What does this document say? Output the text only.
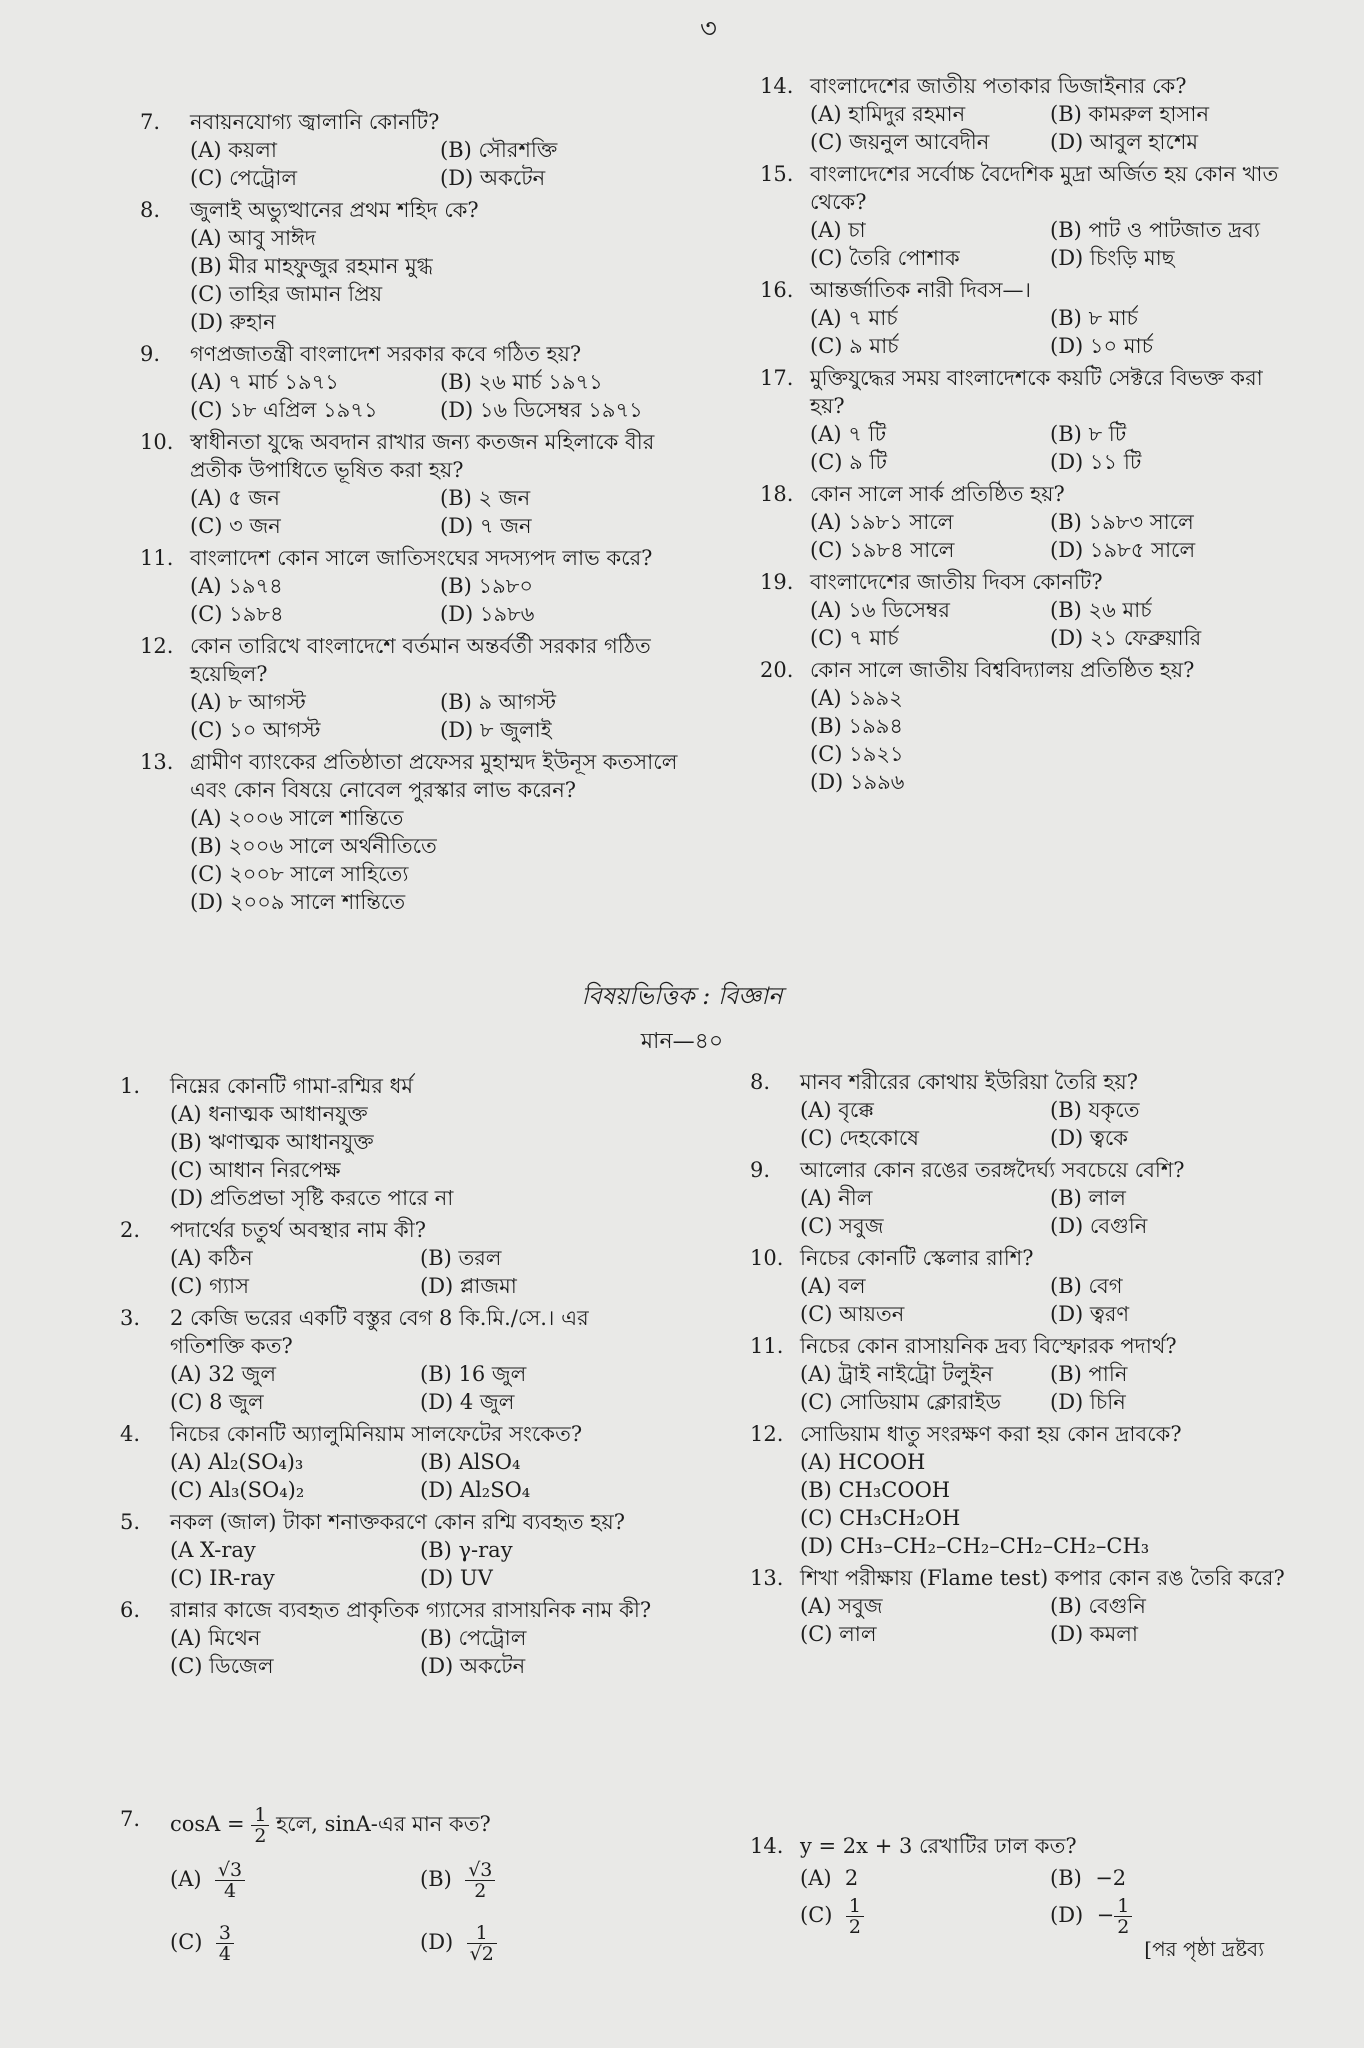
৩
7.	নবায়নযোগ্য জ্বালানি কোনটি?
(A) কয়লা	(B) সৌরশক্তি
(C) পেট্রোল	(D) অকটেন
8.	জুলাই অভ্যুত্থানের প্রথম শহিদ কে?
(A) আবু সাঈদ
(B) মীর মাহফুজুর রহমান মুগ্ধ
(C) তাহির জামান প্রিয়
(D) রুহান
9.	গণপ্রজাতন্ত্রী বাংলাদেশ সরকার কবে গঠিত হয়?
(A) ৭ মার্চ ১৯৭১	(B) ২৬ মার্চ ১৯৭১
(C) ১৮ এপ্রিল ১৯৭১	(D) ১৬ ডিসেম্বর ১৯৭১
10. স্বাধীনতা যুদ্ধে অবদান রাখার জন্য কতজন মহিলাকে বীর প্রতীক উপাধিতে ভূষিত করা হয়?
(A) ৫ জন	(B) ২ জন
(C) ৩ জন	(D) ৭ জন
11. বাংলাদেশ কোন সালে জাতিসংঘের সদস্যপদ লাভ করে?
(A) ১৯৭৪	(B) ১৯৮০
(C) ১৯৮৪	(D) ১৯৮৬
12. কোন তারিখে বাংলাদেশে বর্তমান অন্তর্বর্তী সরকার গঠিত হয়েছিল?
(A) ৮ আগস্ট	(B) ৯ আগস্ট
(C) ১০ আগস্ট	(D) ৮ জুলাই
13. গ্রামীণ ব্যাংকের প্রতিষ্ঠাতা প্রফেসর মুহাম্মদ ইউনূস কতসালে এবং কোন বিষয়ে নোবেল পুরস্কার লাভ করেন?
(A) ২০০৬ সালে শান্তিতে
(B) ২০০৬ সালে অর্থনীতিতে
(C) ২০০৮ সালে সাহিত্যে
(D) ২০০৯ সালে শান্তিতে
14. বাংলাদেশের জাতীয় পতাকার ডিজাইনার কে?
(A) হামিদুর রহমান	(B) কামরুল হাসান
(C) জয়নুল আবেদীন	(D) আবুল হাশেম
15. বাংলাদেশের সর্বোচ্চ বৈদেশিক মুদ্রা অর্জিত হয় কোন খাত থেকে?
(A) চা	(B) পাট ও পাটজাত দ্রব্য
(C) তৈরি পোশাক	(D) চিংড়ি মাছ
16. আন্তর্জাতিক নারী দিবস—।
(A) ৭ মার্চ	(B) ৮ মার্চ
(C) ৯ মার্চ	(D) ১০ মার্চ
17. মুক্তিযুদ্ধের সময় বাংলাদেশকে কয়টি সেক্টরে বিভক্ত করা হয়?
(A) ৭ টি	(B) ৮ টি
(C) ৯ টি	(D) ১১ টি
18. কোন সালে সার্ক প্রতিষ্ঠিত হয়?
(A) ১৯৮১ সালে	(B) ১৯৮৩ সালে
(C) ১৯৮৪ সালে	(D) ১৯৮৫ সালে
19. বাংলাদেশের জাতীয় দিবস কোনটি?
(A) ১৬ ডিসেম্বর	(B) ২৬ মার্চ
(C) ৭ মার্চ	(D) ২১ ফেব্রুয়ারি
20. কোন সালে জাতীয় বিশ্ববিদ্যালয় প্রতিষ্ঠিত হয়?
(A) ১৯৯২
(B) ১৯৯৪
(C) ১৯২১
(D) ১৯৯৬
বিষয়ভিত্তিক : বিজ্ঞান
মান—৪০
1.	নিম্নের কোনটি গামা-রশ্মির ধর্ম
(A) ধনাত্মক আধানযুক্ত
(B) ঋণাত্মক আধানযুক্ত
(C) আধান নিরপেক্ষ
(D) প্রতিপ্রভা সৃষ্টি করতে পারে না
2.	পদার্থের চতুর্থ অবস্থার নাম কী?
(A) কঠিন	(B) তরল
(C) গ্যাস	(D) প্লাজমা
3.	2 কেজি ভরের একটি বস্তুর বেগ 8 কি.মি./সে.। এর গতিশক্তি কত?
(A) 32 জুল	(B) 16 জুল
(C) 8 জুল	(D) 4 জুল
4.	নিচের কোনটি অ্যালুমিনিয়াম সালফেটের সংকেত?
(A) Al₂(SO₄)₃	(B) AlSO₄
(C) Al₃(SO₄)₂	(D) Al₂SO₄
5.	নকল (জাল) টাকা শনাক্তকরণে কোন রশ্মি ব্যবহৃত হয়?
(A X-ray	(B) γ-ray
(C) IR-ray	(D) UV
6.	রান্নার কাজে ব্যবহৃত প্রাকৃতিক গ্যাসের রাসায়নিক নাম কী?
(A) মিথেন	(B) পেট্রোল
(C) ডিজেল	(D) অকটেন
8.	মানব শরীরের কোথায় ইউরিয়া তৈরি হয়?
(A) বৃক্কে	(B) যকৃতে
(C) দেহকোষে	(D) ত্বকে
9.	আলোর কোন রঙের তরঙ্গদৈর্ঘ্য সবচেয়ে বেশি?
(A) নীল	(B) লাল
(C) সবুজ	(D) বেগুনি
10. নিচের কোনটি স্কেলার রাশি?
(A) বল	(B) বেগ
(C) আয়তন	(D) ত্বরণ
11. নিচের কোন রাসায়নিক দ্রব্য বিস্ফোরক পদার্থ?
(A) ট্রাই নাইট্রো টলুইন	(B) পানি
(C) সোডিয়াম ক্লোরাইড	(D) চিনি
12. সোডিয়াম ধাতু সংরক্ষণ করা হয় কোন দ্রাবকে?
(A) HCOOH
(B) CH₃COOH
(C) CH₃CH₂OH
(D) CH₃–CH₂–CH₂–CH₂–CH₂–CH₃
13. শিখা পরীক্ষায় (Flame test) কপার কোন রঙ তৈরি করে?
(A) সবুজ	(B) বেগুনি
(C) লাল	(D) কমলা
7.	$\cos A = \frac{1}{2}$ হলে, sinA-এর মান কত?
$(A) \frac{√3}{4}$	$(B) \frac{√3}{2}$
$(C) \frac{3}{4}$	$(D) \frac{1}{√2}$
14. y = 2x + 3 রেখাটির ঢাল কত?
(A) 2	(B) −2
$(C) \frac{1}{2}$	$(D) - \frac{1}{2}$
[পর পৃষ্ঠা দ্রষ্টব্য
